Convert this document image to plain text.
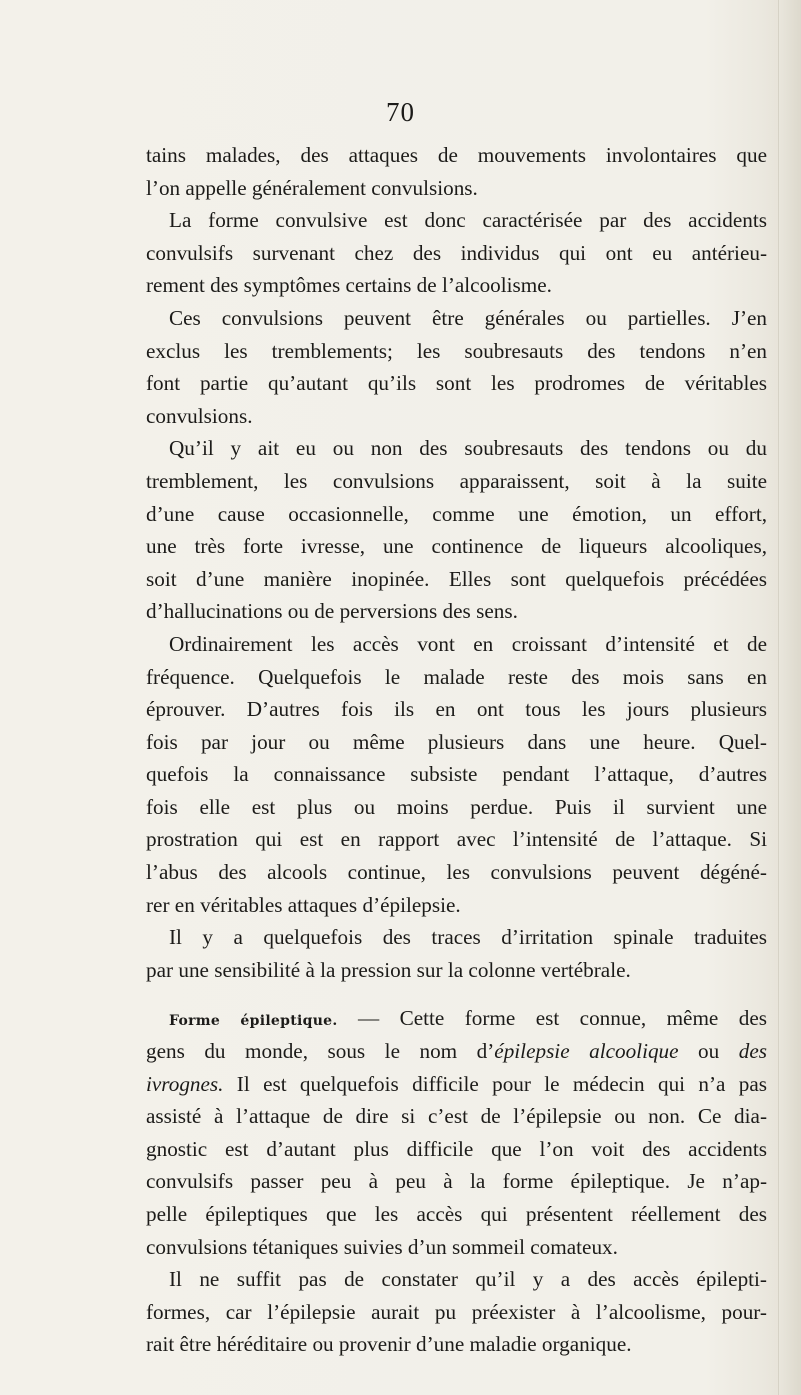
70
tains malades, des attaques de mouvements involontaires que
l’on appelle généralement convulsions.
La forme convulsive est donc caractérisée par des accidents
convulsifs survenant chez des individus qui ont eu antérieu-
rement des symptômes certains de l’alcoolisme.
Ces convulsions peuvent être générales ou partielles. J’en
exclus les tremblements; les soubresauts des tendons n’en
font partie qu’autant qu’ils sont les prodromes de véritables
convulsions.
Qu’il y ait eu ou non des soubresauts des tendons ou du
tremblement, les convulsions apparaissent, soit à la suite
d’une cause occasionnelle, comme une émotion, un effort,
une très forte ivresse, une continence de liqueurs alcooliques,
soit d’une manière inopinée. Elles sont quelquefois précédées
d’hallucinations ou de perversions des sens.
Ordinairement les accès vont en croissant d’intensité et de
fréquence. Quelquefois le malade reste des mois sans en
éprouver. D’autres fois ils en ont tous les jours plusieurs
fois par jour ou même plusieurs dans une heure. Quel-
quefois la connaissance subsiste pendant l’attaque, d’autres
fois elle est plus ou moins perdue. Puis il survient une
prostration qui est en rapport avec l’intensité de l’attaque. Si
l’abus des alcools continue, les convulsions peuvent dégéné-
rer en véritables attaques d’épilepsie.
Il y a quelquefois des traces d’irritation spinale traduites
par une sensibilité à la pression sur la colonne vertébrale.
Forme épileptique. — Cette forme est connue, même des
gens du monde, sous le nom d’épilepsie alcoolique ou des
ivrognes. Il est quelquefois difficile pour le médecin qui n’a pas
assisté à l’attaque de dire si c’est de l’épilepsie ou non. Ce dia-
gnostic est d’autant plus difficile que l’on voit des accidents
convulsifs passer peu à peu à la forme épileptique. Je n’ap-
pelle épileptiques que les accès qui présentent réellement des
convulsions tétaniques suivies d’un sommeil comateux.
Il ne suffit pas de constater qu’il y a des accès épilepti-
formes, car l’épilepsie aurait pu préexister à l’alcoolisme, pour-
rait être héréditaire ou provenir d’une maladie organique.
